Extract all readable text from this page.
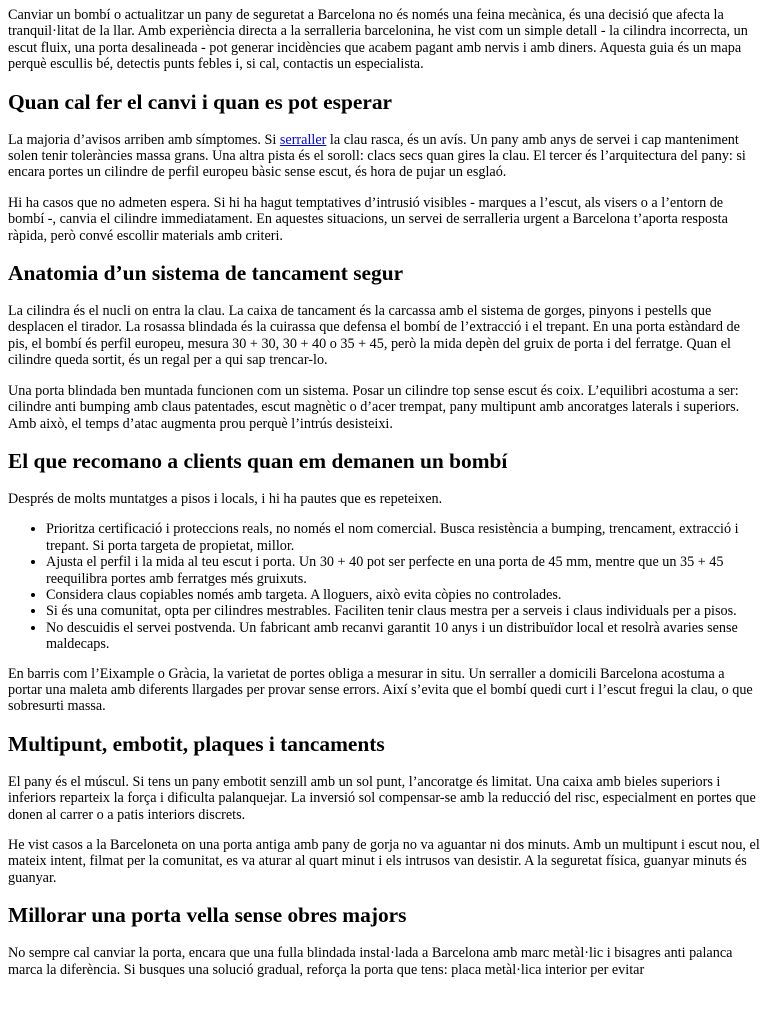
Canviar un bombí o actualitzar un pany de seguretat a Barcelona no és només una feina mecànica, és una decisió que afecta la tranquil·litat de la llar. Amb experiència directa a la serralleria barcelonina, he vist com un simple detall - la cilindra incorrecta, un escut fluix, una porta desalineada - pot generar incidències que acabem pagant amb nervis i amb diners. Aquesta guia és un mapa perquè escullis bé, detectis punts febles i, si cal, contactis un especialista.

Quan cal fer el canvi i quan es pot esperar

La majoria d’avisos arriben amb símptomes. Si serraller la clau rasca, és un avís. Un pany amb anys de servei i cap manteniment solen tenir toleràncies massa grans. Una altra pista és el soroll: clacs secs quan gires la clau. El tercer és l’arquitectura del pany: si encara portes un cilindre de perfil europeu bàsic sense escut, és hora de pujar un esglaó.

Hi ha casos que no admeten espera. Si hi ha hagut temptatives d’intrusió visibles - marques a l’escut, als visers o a l’entorn de bombí -, canvia el cilindre immediatament. En aquestes situacions, un servei de serralleria urgent a Barcelona t’aporta resposta ràpida, però convé escollir materials amb criteri.

Anatomia d’un sistema de tancament segur

La cilindra és el nucli on entra la clau. La caixa de tancament és la carcassa amb el sistema de gorges, pinyons i pestells que desplacen el tirador. La rosassa blindada és la cuirassa que defensa el bombí de l’extracció i el trepant. En una porta estàndard de pis, el bombí és perfil europeu, mesura 30 + 30, 30 + 40 o 35 + 45, però la mida depèn del gruix de porta i del ferratge. Quan el cilindre queda sortit, és un regal per a qui sap trencar-lo.

Una porta blindada ben muntada funcionen com un sistema. Posar un cilindre top sense escut és coix. L’equilibri acostuma a ser: cilindre anti bumping amb claus patentades, escut magnètic o d’acer trempat, pany multipunt amb ancoratges laterals i superiors. Amb això, el temps d’atac augmenta prou perquè l’intrús desisteixi.

El que recomano a clients quan em demanen un bombí

Després de molts muntatges a pisos i locals, i hi ha pautes que es repeteixen.

• Prioritza certificació i proteccions reals, no només el nom comercial. Busca resistència a bumping, trencament, extracció i trepant. Si porta targeta de propietat, millor.
• Ajusta el perfil i la mida al teu escut i porta. Un 30 + 40 pot ser perfecte en una porta de 45 mm, mentre que un 35 + 45 reequilibra portes amb ferratges més gruixuts.
• Considera claus copiables només amb targeta. A lloguers, això evita còpies no controlades.
• Si és una comunitat, opta per cilindres mestrables. Faciliten tenir claus mestra per a serveis i claus individuals per a pisos.
• No descuidis el servei postvenda. Un fabricant amb recanvi garantit 10 anys i un distribuïdor local et resolrà avaries sense maldecaps.

En barris com l’Eixample o Gràcia, la varietat de portes obliga a mesurar in situ. Un serraller a domicili Barcelona acostuma a portar una maleta amb diferents llargades per provar sense errors. Així s’evita que el bombí quedi curt i l’escut fregui la clau, o que sobresurti massa.

Multipunt, embotit, plaques i tancaments

El pany és el múscul. Si tens un pany embotit senzill amb un sol punt, l’ancoratge és limitat. Una caixa amb bieles superiors i inferiors reparteix la força i dificulta palanquejar. La inversió sol compensar-se amb la reducció del risc, especialment en portes que donen al carrer o a patis interiors discrets.

He vist casos a la Barceloneta on una porta antiga amb pany de gorja no va aguantar ni dos minuts. Amb un multipunt i escut nou, el mateix intent, filmat per la comunitat, es va aturar al quart minut i els intrusos van desistir. A la seguretat física, guanyar minuts és guanyar.

Millorar una porta vella sense obres majors

No sempre cal canviar la porta, encara que una fulla blindada instal·lada a Barcelona amb marc metàl·lic i bisagres anti palanca marca la diferència. Si busques una solució gradual, reforça la porta que tens: placa metàl·lica interior per evitar
